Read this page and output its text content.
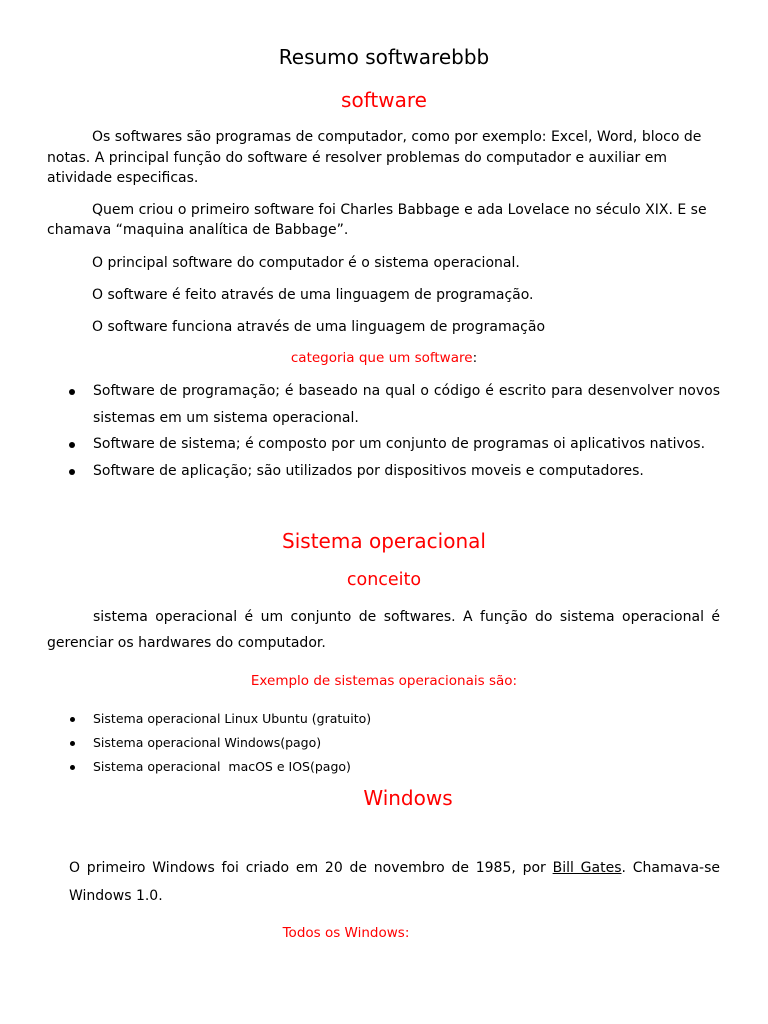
Resumo softwarebbb
software
Os softwares são programas de computador, como por exemplo: Excel, Word, bloco de
notas. A principal função do software é resolver problemas do computador e auxiliar em
atividade especificas.
Quem criou o primeiro software foi Charles Babbage e ada Lovelace no século XIX. E se
chamava “maquina analítica de Babbage”.
O principal software do computador é o sistema operacional.
O software é feito através de uma linguagem de programação.
O software funciona através de uma linguagem de programação
categoria que um software:
Software de programação; é baseado na qual o código é escrito para desenvolver novos
sistemas em um sistema operacional.
Software de sistema; é composto por um conjunto de programas oi aplicativos nativos.
Software de aplicação; são utilizados por dispositivos moveis e computadores.
Sistema operacional
conceito
sistema operacional é um conjunto de softwares. A função do sistema operacional é
gerenciar os hardwares do computador.
Exemplo de sistemas operacionais são:
Sistema operacional Linux Ubuntu (gratuito)
Sistema operacional Windows(pago)
Sistema operacional  macOS e IOS(pago)
Windows
O primeiro Windows foi criado em 20 de novembro de 1985, por Bill Gates. Chamava-se
Windows 1.0.
Todos os Windows:
